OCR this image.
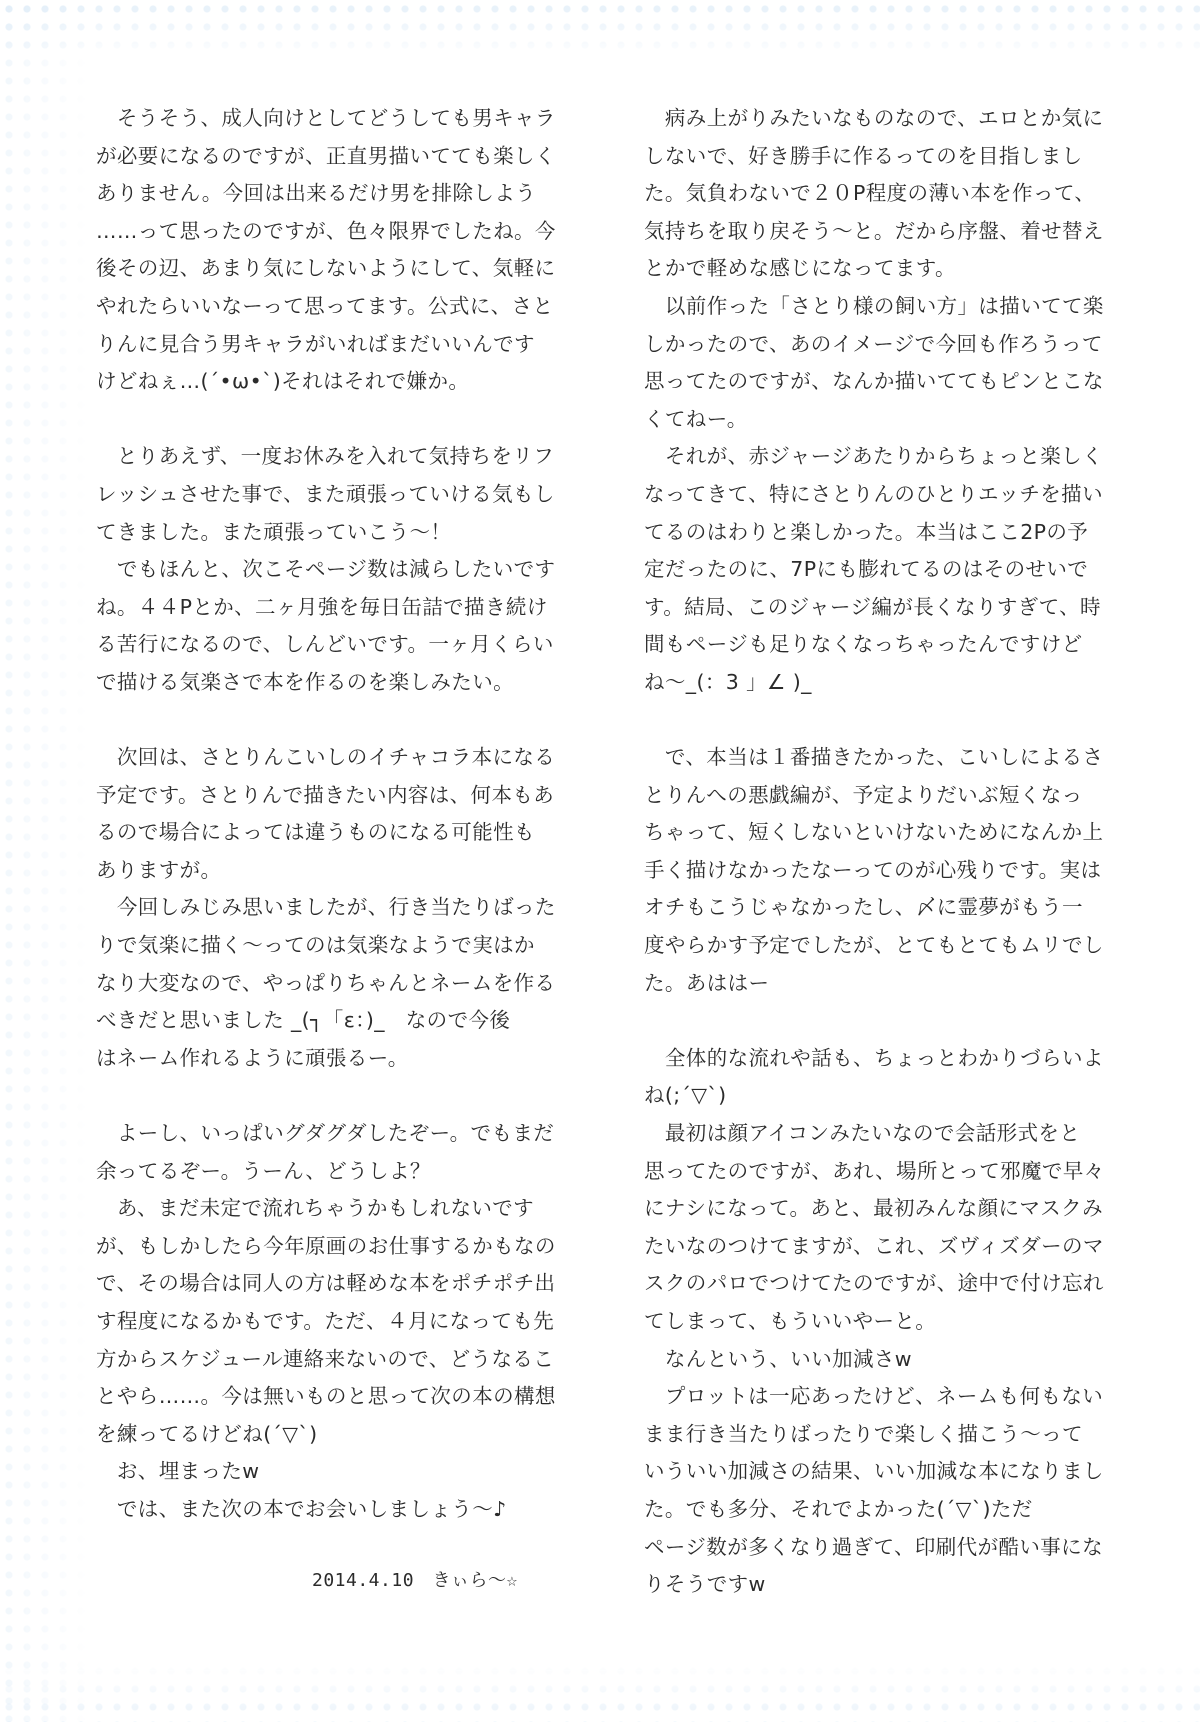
　そうそう、成人向けとしてどうしても男キャラ
が必要になるのですが、正直男描いてても楽しく
ありません。今回は出来るだけ男を排除しよう
……って思ったのですが、色々限界でしたね。今
後その辺、あまり気にしないようにして、気軽に
やれたらいいなーって思ってます。公式に、さと
りんに見合う男キャラがいればまだいいんです
けどねぇ…(´•ω•`)それはそれで嫌か。
　とりあえず、一度お休みを入れて気持ちをリフ
レッシュさせた事で、また頑張っていける気もし
てきました。また頑張っていこう～！
　でもほんと、次こそページ数は減らしたいです
ね。４４Pとか、二ヶ月強を毎日缶詰で描き続け
る苦行になるので、しんどいです。一ヶ月くらい
で描ける気楽さで本を作るのを楽しみたい。
　次回は、さとりんこいしのイチャコラ本になる
予定です。さとりんで描きたい内容は、何本もあ
るので場合によっては違うものになる可能性も
ありますが。
　今回しみじみ思いましたが、行き当たりばった
りで気楽に描く～ってのは気楽なようで実はか
なり大変なので、やっぱりちゃんとネームを作る
べきだと思いました _(┐「ε：)_　なので今後
はネーム作れるように頑張るー。
　よーし、いっぱいグダグダしたぞー。でもまだ
余ってるぞー。うーん、どうしよ？
　あ、まだ未定で流れちゃうかもしれないです
が、もしかしたら今年原画のお仕事するかもなの
で、その場合は同人の方は軽めな本をポチポチ出
す程度になるかもです。ただ、４月になっても先
方からスケジュール連絡来ないので、どうなるこ
とやら……。今は無いものと思って次の本の構想
を練ってるけどね(´▽`)
　お、埋まったw
　では、また次の本でお会いしましょう～♪
　病み上がりみたいなものなので、エロとか気に
しないで、好き勝手に作るってのを目指しまし
た。気負わないで２０P程度の薄い本を作って、
気持ちを取り戻そう～と。だから序盤、着せ替え
とかで軽めな感じになってます。
　以前作った「さとり様の飼い方」は描いてて楽
しかったので、あのイメージで今回も作ろうって
思ってたのですが、なんか描いててもピンとこな
くてねー。
　それが、赤ジャージあたりからちょっと楽しく
なってきて、特にさとりんのひとりエッチを描い
てるのはわりと楽しかった。本当はここ2Pの予
定だったのに、7Pにも膨れてるのはそのせいで
す。結局、このジャージ編が長くなりすぎて、時
間もページも足りなくなっちゃったんですけど
ね～_(：3 」∠ )_
　で、本当は１番描きたかった、こいしによるさ
とりんへの悪戯編が、予定よりだいぶ短くなっ
ちゃって、短くしないといけないためになんか上
手く描けなかったなーってのが心残りです。実は
オチもこうじゃなかったし、〆に霊夢がもう一
度やらかす予定でしたが、とてもとてもムリでし
た。あははー
　全体的な流れや話も、ちょっとわかりづらいよ
ね(;´▽`)
　最初は顔アイコンみたいなので会話形式をと
思ってたのですが、あれ、場所とって邪魔で早々
にナシになって。あと、最初みんな顔にマスクみ
たいなのつけてますが、これ、ズヴィズダーのマ
スクのパロでつけてたのですが、途中で付け忘れ
てしまって、もういいやーと。
　なんという、いい加減さw
　プロットは一応あったけど、ネームも何もない
まま行き当たりばったりで楽しく描こう～って
いういい加減さの結果、いい加減な本になりまし
た。でも多分、それでよかった(´▽`)ただ
ページ数が多くなり過ぎて、印刷代が酷い事にな
りそうですw
2014.4.10　きぃら～☆
